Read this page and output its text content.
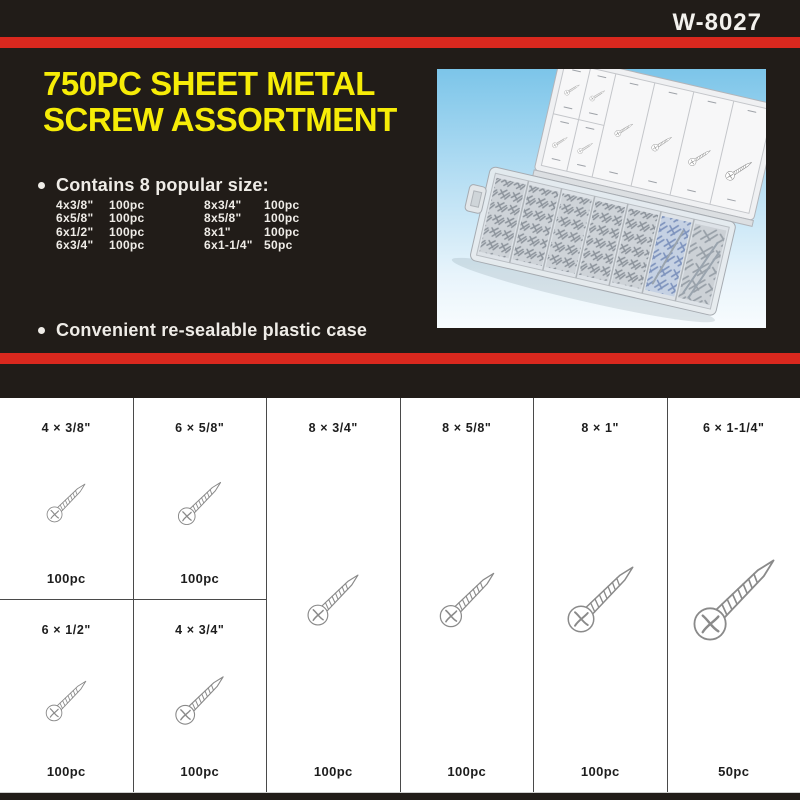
W-8027
750PC SHEET METAL
SCREW ASSORTMENT
Contains 8 popular size:
4x3/8"	100pc	8x3/4"	100pc
6x5/8"	100pc	8x5/8"	100pc
6x1/2"	100pc	8x1"	100pc
6x3/4"	100pc	6x1-1/4" 50pc
Convenient re-sealable plastic case
4 × 3/8"
100pc
6 × 1/2"
100pc
6 × 5/8"
100pc
4 × 3/4"
100pc
8 × 3/4"
100pc
8 × 5/8"
100pc
8 × 1"
100pc
6 × 1-1/4"
50pc
